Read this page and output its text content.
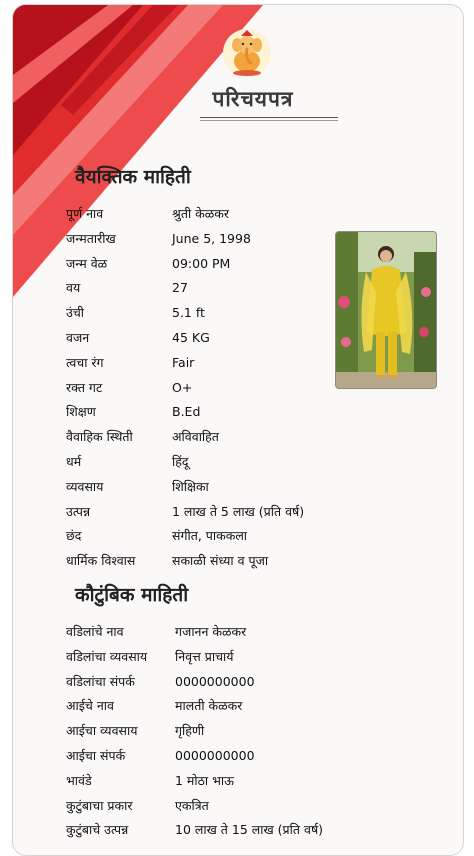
परिचयपत्र
वैयक्तिक माहिती
पूर्ण नाव	श्रुती केळकर
जन्मतारीख	June 5, 1998
जन्म वेळ	09:00 PM
वय	27
उंची	5.1 ft
वजन	45 KG
त्वचा रंग	Fair
रक्त गट	O+
शिक्षण	B.Ed
वैवाहिक स्थिती	अविवाहित
धर्म	हिंदू
व्यवसाय	शिक्षिका
उत्पन्न	1 लाख ते 5 लाख (प्रति वर्ष)
छंद	संगीत, पाककला
धार्मिक विश्वास	सकाळी संध्या व पूजा
कौटुंबिक माहिती
वडिलांचे नाव	गजानन केळकर
वडिलांचा व्यवसाय	निवृत्त प्राचार्य
वडिलांचा संपर्क	0000000000
आईचे नाव	मालती केळकर
आईचा व्यवसाय	गृहिणी
आईचा संपर्क	0000000000
भावंडे	1 मोठा भाऊ
कुटुंबाचा प्रकार	एकत्रित
कुटुंबाचे उत्पन्न	10 लाख ते 15 लाख (प्रति वर्ष)
